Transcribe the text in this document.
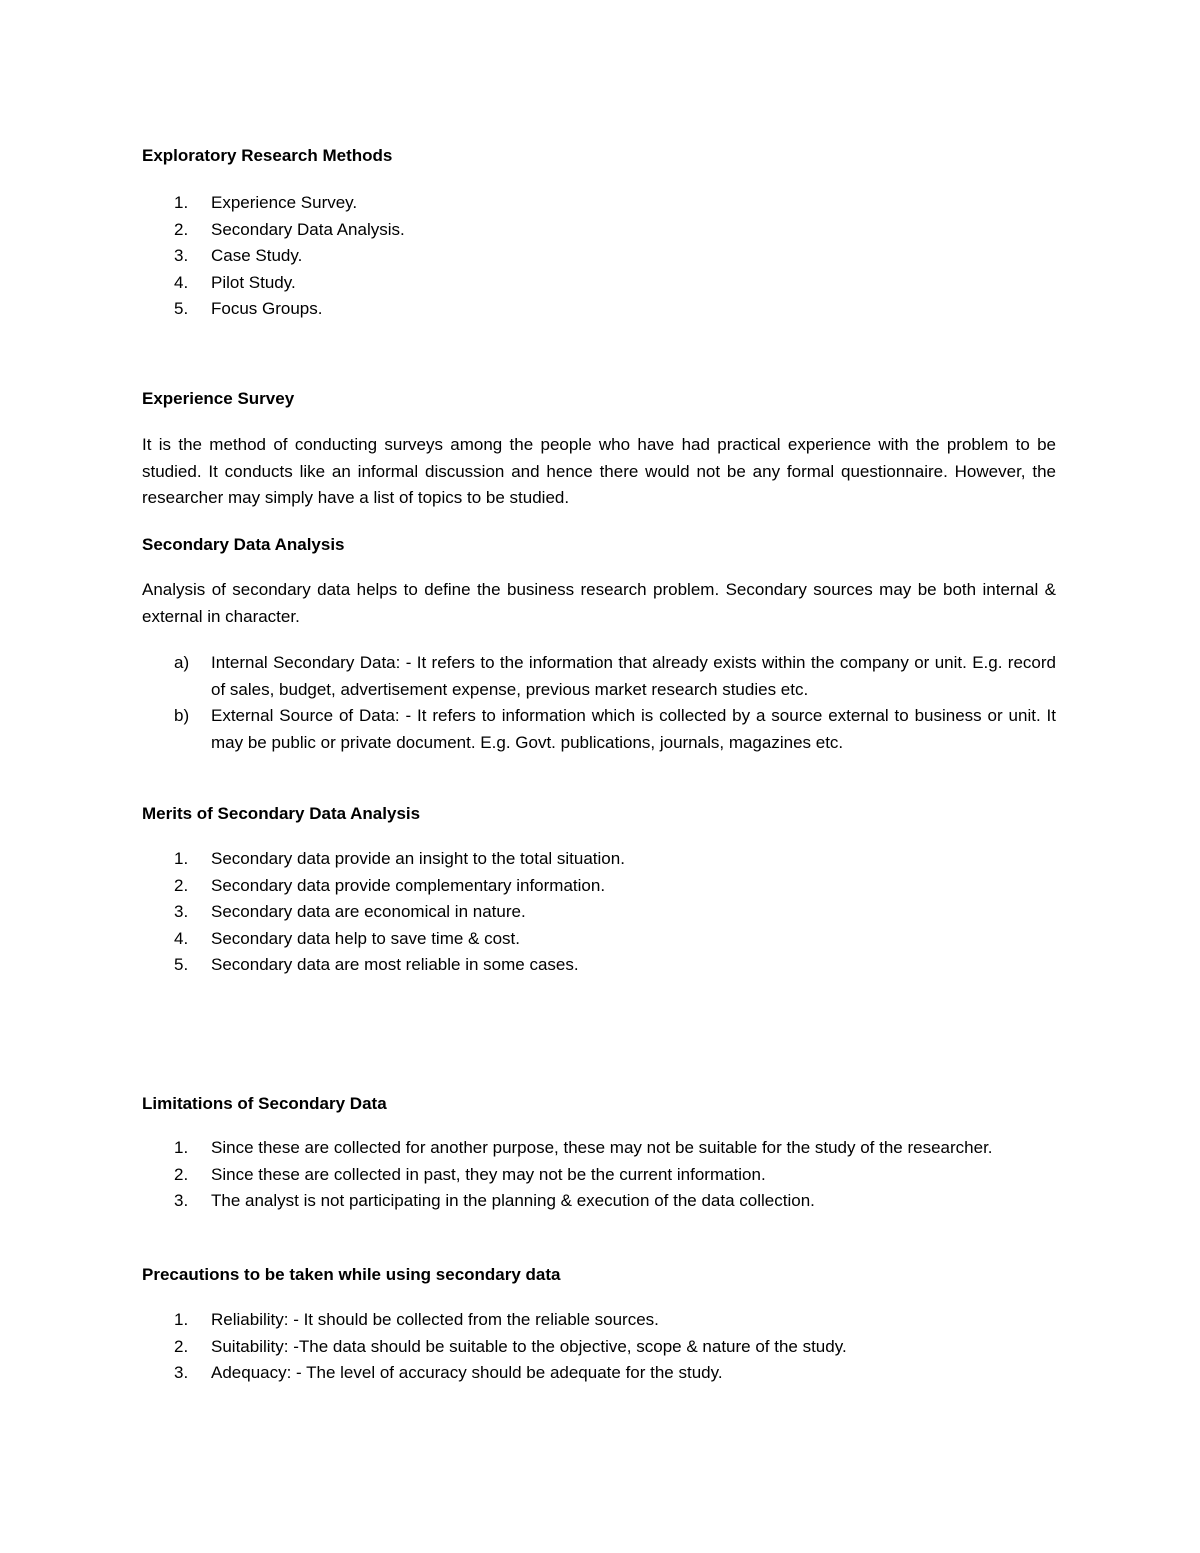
Exploratory Research Methods
1.	Experience Survey.
2.	Secondary Data Analysis.
3.	Case Study.
4.	Pilot Study.
5.	Focus Groups.
Experience Survey

It is the method of conducting surveys among the people who have had practical experience with the problem to be studied. It conducts like an informal discussion and hence there would not be any formal questionnaire. However, the researcher may simply have a list of topics to be studied.

Secondary Data Analysis

Analysis of secondary data helps to define the business research problem. Secondary sources may be both internal & external in character.

a) Internal Secondary Data: - It refers to the information that already exists within the company or unit. E.g. record of sales, budget, advertisement expense, previous market research studies etc.
b) External Source of Data: - It refers to information which is collected by a source external to business or unit. It may be public or private document. E.g. Govt. publications, journals, magazines etc.
Merits of Secondary Data Analysis
1.	Secondary data provide an insight to the total situation.
2.	Secondary data provide complementary information.
3.	Secondary data are economical in nature.
4.	Secondary data help to save time & cost.
5.	Secondary data are most reliable in some cases.
Limitations of Secondary Data
1.	Since these are collected for another purpose, these may not be suitable for the study of the researcher.
2.	Since these are collected in past, they may not be the current information.
3.	The analyst is not participating in the planning & execution of the data collection.
Precautions to be taken while using secondary data
1.	Reliability: - It should be collected from the reliable sources.
2.	Suitability: -The data should be suitable to the objective, scope & nature of the study.
3.	Adequacy: - The level of accuracy should be adequate for the study.
